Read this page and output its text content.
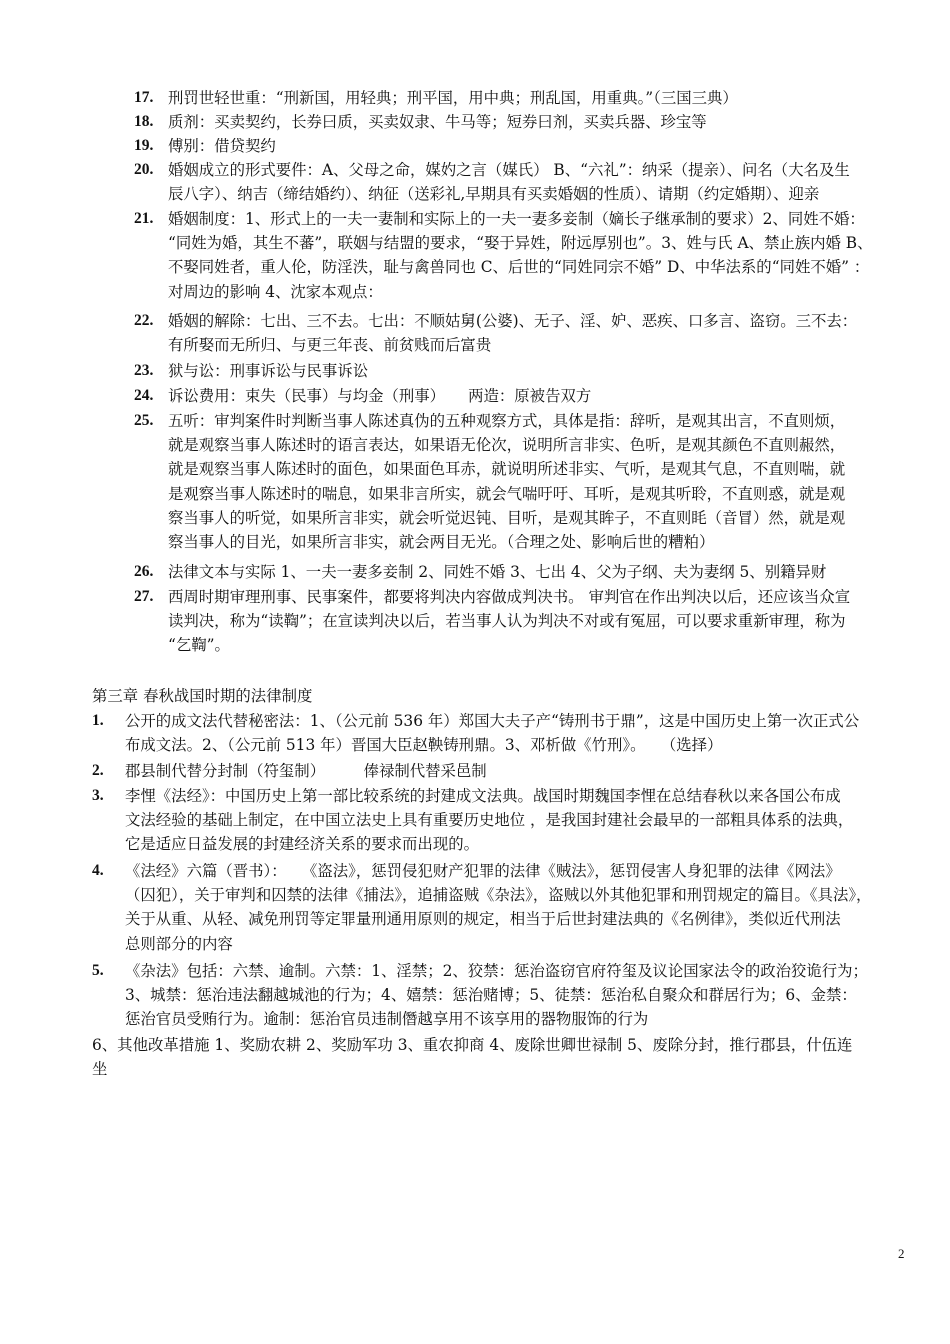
17. 刑罚世轻世重：“刑新国，用轻典；刑平国，用中典；刑乱国，用重典。”（三国三典）
18. 质剂：买卖契约，长券曰质，买卖奴隶、牛马等；短券曰剂，买卖兵器、珍宝等
19. 傅别：借贷契约
20. 婚姻成立的形式要件：A、父母之命，媒妁之言（媒氏） B、“六礼”：纳采（提亲）、问名（大名及生
辰八字）、纳吉（缔结婚约）、纳征（送彩礼,早期具有买卖婚姻的性质）、请期（约定婚期）、迎亲
21. 婚姻制度：1、形式上的一夫一妻制和实际上的一夫一妻多妾制（嫡长子继承制的要求）2、同姓不婚：
“同姓为婚，其生不蕃”，联姻与结盟的要求，“娶于异姓，附远厚别也”。3、姓与氏 A、禁止族内婚 B、
不娶同姓者，重人伦，防淫泆，耻与禽兽同也 C、后世的“同姓同宗不婚” D、中华法系的“同姓不婚” ：
对周边的影响 4、沈家本观点：
22. 婚姻的解除：七出、三不去。七出：不顺姑舅(公婆)、无子、淫、妒、恶疾、口多言、盗窃。三不去：
有所娶而无所归、与更三年丧、前贫贱而后富贵
23. 狱与讼：刑事诉讼与民事诉讼
24. 诉讼费用：束失（民事）与均金（刑事）　　两造：原被告双方
25. 五听：审判案件时判断当事人陈述真伪的五种观察方式，具体是指：辞听，是观其出言，不直则烦，
就是观察当事人陈述时的语言表达，如果语无伦次，说明所言非实、色听，是观其颜色不直则赧然，
就是观察当事人陈述时的面色，如果面色耳赤，就说明所述非实、气听，是观其气息，不直则喘，就
是观察当事人陈述时的喘息，如果非言所实，就会气喘吁吁、耳听，是观其听聆，不直则惑，就是观
察当事人的听觉，如果所言非实，就会听觉迟钝、目听，是观其眸子，不直则眊（音冒）然，就是观
察当事人的目光，如果所言非实，就会两目无光。（合理之处、影响后世的糟粕）
26. 法律文本与实际 1、一夫一妻多妾制 2、同姓不婚 3、七出 4、父为子纲、夫为妻纲 5、别籍异财
27. 西周时期审理刑事、民事案件，都要将判决内容做成判决书。 审判官在作出判决以后，还应该当众宣
读判决，称为“读鞫”；在宣读判决以后，若当事人认为判决不对或有冤屈，可以要求重新审理，称为
“乞鞫”。
第三章 春秋战国时期的法律制度
1. 公开的成文法代替秘密法：1、（公元前 536 年）郑国大夫子产“铸刑书于鼎”，这是中国历史上第一次正式公
布成文法。2、（公元前 513 年）晋国大臣赵鞅铸刑鼎。3、邓析做《竹刑》。　　（选择）
2. 郡县制代替分封制（符玺制）　　　俸禄制代替采邑制
3. 李悝《法经》：中国历史上第一部比较系统的封建成文法典。战国时期魏国李悝在总结春秋以来各国公布成
文法经验的基础上制定，在中国立法史上具有重要历史地位 ，是我国封建社会最早的一部粗具体系的法典，
它是适应日益发展的封建经济关系的要求而出现的。
4. 《法经》六篇（晋书）：　　《盗法》，惩罚侵犯财产犯罪的法律《贼法》，惩罚侵害人身犯罪的法律《网法》
（囚犯），关于审判和囚禁的法律《捕法》，追捕盗贼《杂法》，盗贼以外其他犯罪和刑罚规定的篇目。《具法》，
关于从重、从轻、减免刑罚等定罪量刑通用原则的规定，相当于后世封建法典的《名例律》，类似近代刑法
总则部分的内容
5. 《杂法》包括：六禁、逾制。六禁：1、淫禁；2、狡禁：惩治盗窃官府符玺及议论国家法令的政治狡诡行为；
3、城禁：惩治违法翻越城池的行为；4、嬉禁：惩治赌博；5、徒禁：惩治私自聚众和群居行为；6、金禁：
惩治官员受贿行为。逾制：惩治官员违制僭越享用不该享用的器物服饰的行为
6、其他改革措施 1、奖励农耕 2、奖励军功 3、重农抑商 4、废除世卿世禄制 5、废除分封，推行郡县，什伍连
坐
2
